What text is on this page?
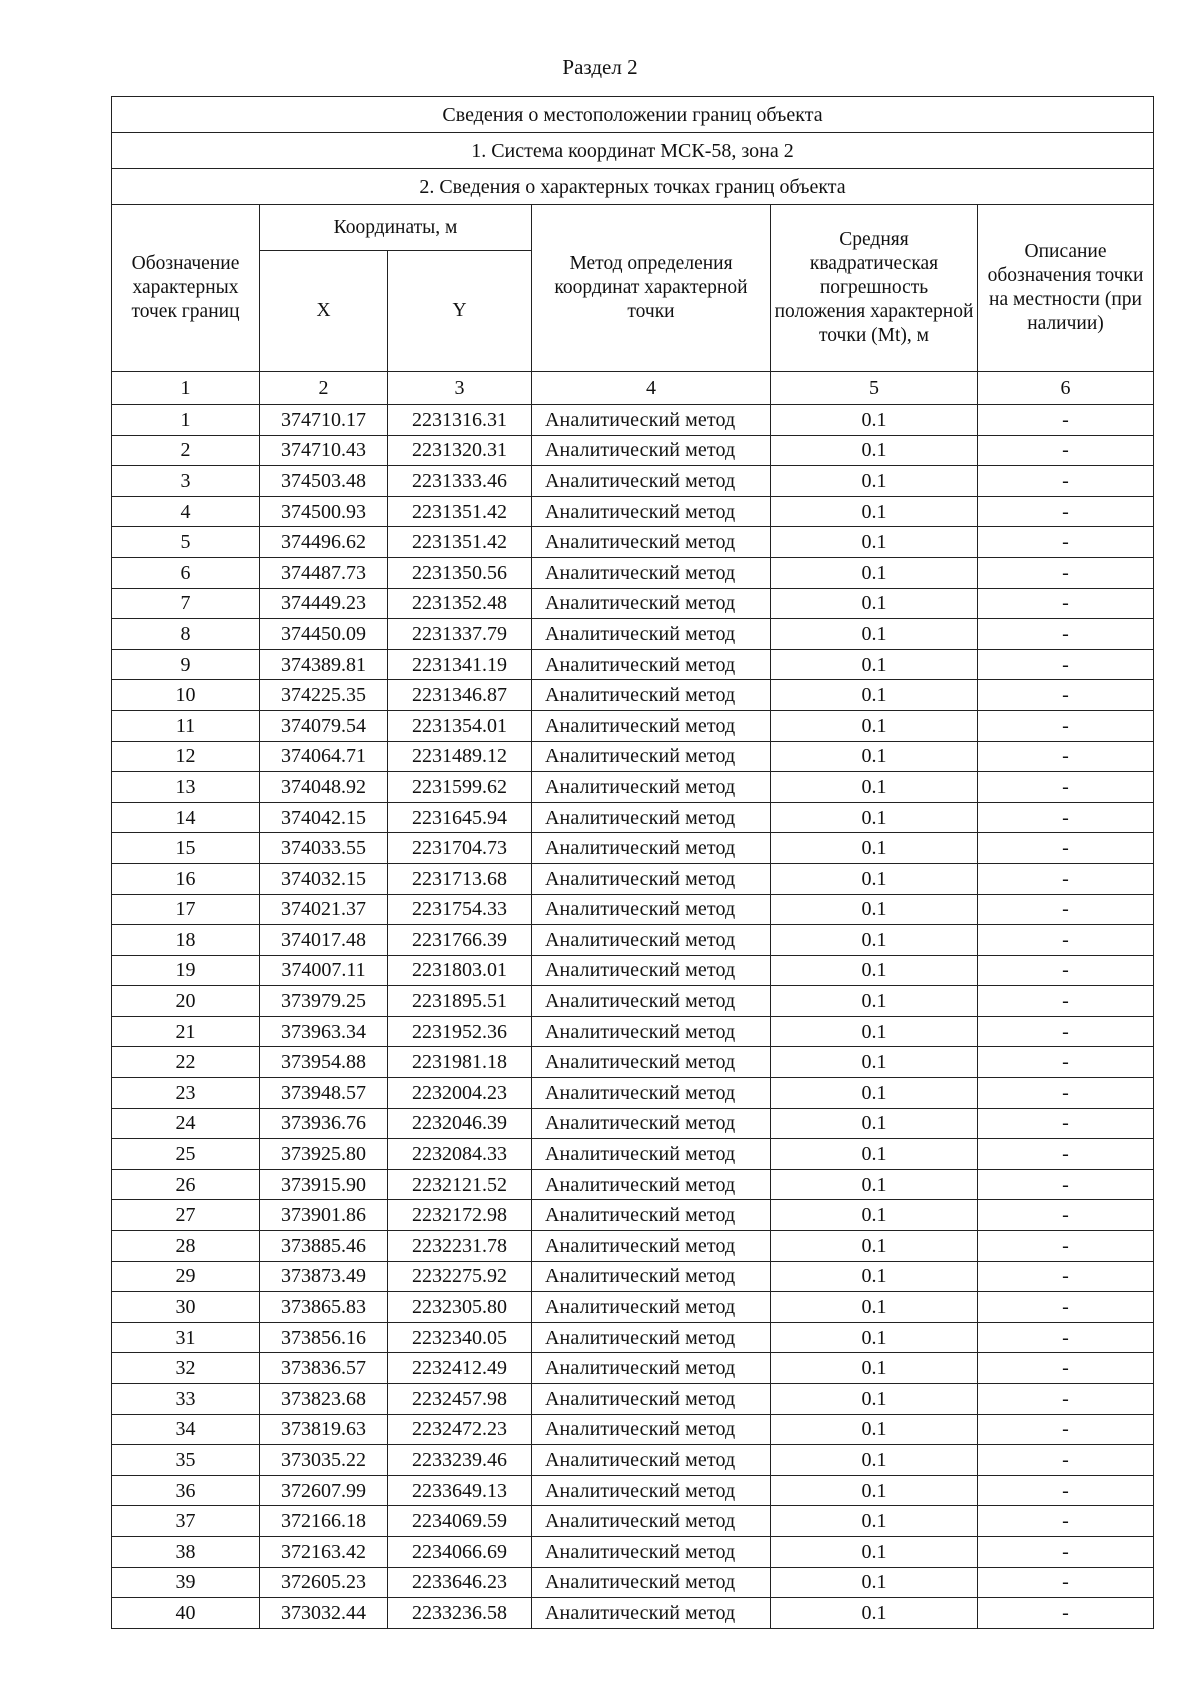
Раздел 2
Сведения о местоположении границ объекта					
1. Система координат МСК-58, зона 2					
2. Сведения о характерных точках границ объекта					
Обозначение характерных точек границ	Координаты, м		Метод определения координат характерной точки	Средняя квадратическая погрешность положения характерной точки (Mt), м	Описание обозначения точки на местности (при наличии)
	X	Y			
1	2	3	4	5	6
1	374710.17	2231316.31	Аналитический метод	0.1	-
2	374710.43	2231320.31	Аналитический метод	0.1	-
3	374503.48	2231333.46	Аналитический метод	0.1	-
4	374500.93	2231351.42	Аналитический метод	0.1	-
5	374496.62	2231351.42	Аналитический метод	0.1	-
6	374487.73	2231350.56	Аналитический метод	0.1	-
7	374449.23	2231352.48	Аналитический метод	0.1	-
8	374450.09	2231337.79	Аналитический метод	0.1	-
9	374389.81	2231341.19	Аналитический метод	0.1	-
10	374225.35	2231346.87	Аналитический метод	0.1	-
11	374079.54	2231354.01	Аналитический метод	0.1	-
12	374064.71	2231489.12	Аналитический метод	0.1	-
13	374048.92	2231599.62	Аналитический метод	0.1	-
14	374042.15	2231645.94	Аналитический метод	0.1	-
15	374033.55	2231704.73	Аналитический метод	0.1	-
16	374032.15	2231713.68	Аналитический метод	0.1	-
17	374021.37	2231754.33	Аналитический метод	0.1	-
18	374017.48	2231766.39	Аналитический метод	0.1	-
19	374007.11	2231803.01	Аналитический метод	0.1	-
20	373979.25	2231895.51	Аналитический метод	0.1	-
21	373963.34	2231952.36	Аналитический метод	0.1	-
22	373954.88	2231981.18	Аналитический метод	0.1	-
23	373948.57	2232004.23	Аналитический метод	0.1	-
24	373936.76	2232046.39	Аналитический метод	0.1	-
25	373925.80	2232084.33	Аналитический метод	0.1	-
26	373915.90	2232121.52	Аналитический метод	0.1	-
27	373901.86	2232172.98	Аналитический метод	0.1	-
28	373885.46	2232231.78	Аналитический метод	0.1	-
29	373873.49	2232275.92	Аналитический метод	0.1	-
30	373865.83	2232305.80	Аналитический метод	0.1	-
31	373856.16	2232340.05	Аналитический метод	0.1	-
32	373836.57	2232412.49	Аналитический метод	0.1	-
33	373823.68	2232457.98	Аналитический метод	0.1	-
34	373819.63	2232472.23	Аналитический метод	0.1	-
35	373035.22	2233239.46	Аналитический метод	0.1	-
36	372607.99	2233649.13	Аналитический метод	0.1	-
37	372166.18	2234069.59	Аналитический метод	0.1	-
38	372163.42	2234066.69	Аналитический метод	0.1	-
39	372605.23	2233646.23	Аналитический метод	0.1	-
40	373032.44	2233236.58	Аналитический метод	0.1	-
